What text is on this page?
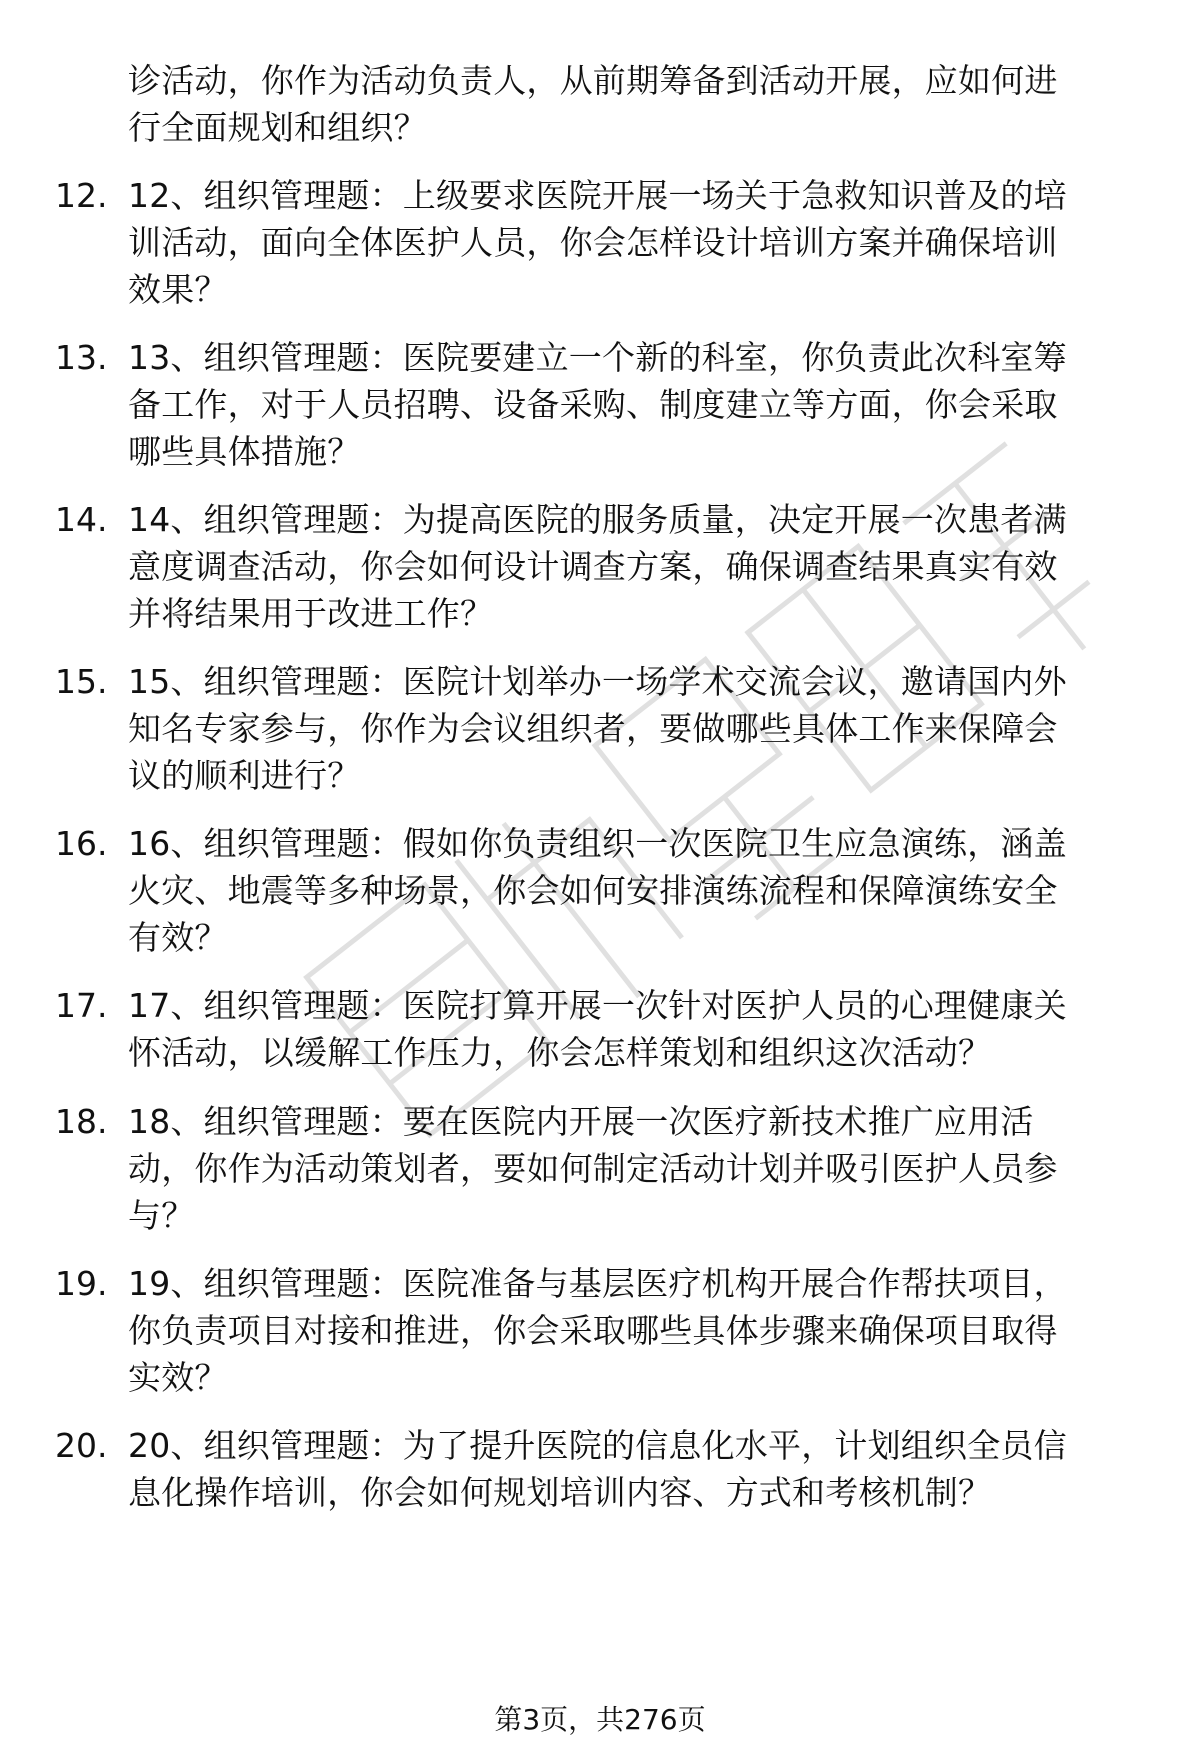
诊活动，你作为活动负责人，从前期筹备到活动开展，应如何进
行全面规划和组织？
12. 12、组织管理题：上级要求医院开展一场关于急救知识普及的培
训活动，面向全体医护人员，你会怎样设计培训方案并确保培训
效果？
13. 13、组织管理题：医院要建立一个新的科室，你负责此次科室筹
备工作，对于人员招聘、设备采购、制度建立等方面，你会采取
哪些具体措施？
14. 14、组织管理题：为提高医院的服务质量，决定开展一次患者满
意度调查活动，你会如何设计调查方案，确保调查结果真实有效
并将结果用于改进工作？
15. 15、组织管理题：医院计划举办一场学术交流会议，邀请国内外
知名专家参与，你作为会议组织者，要做哪些具体工作来保障会
议的顺利进行？
16. 16、组织管理题：假如你负责组织一次医院卫生应急演练，涵盖
火灾、地震等多种场景，你会如何安排演练流程和保障演练安全
有效？
17. 17、组织管理题：医院打算开展一次针对医护人员的心理健康关
怀活动，以缓解工作压力，你会怎样策划和组织这次活动？
18. 18、组织管理题：要在医院内开展一次医疗新技术推广应用活
动，你作为活动策划者，要如何制定活动计划并吸引医护人员参
与？
19. 19、组织管理题：医院准备与基层医疗机构开展合作帮扶项目，
你负责项目对接和推进，你会采取哪些具体步骤来确保项目取得
实效？
20. 20、组织管理题：为了提升医院的信息化水平，计划组织全员信
息化操作培训，你会如何规划培训内容、方式和考核机制？
第3页，共276页
